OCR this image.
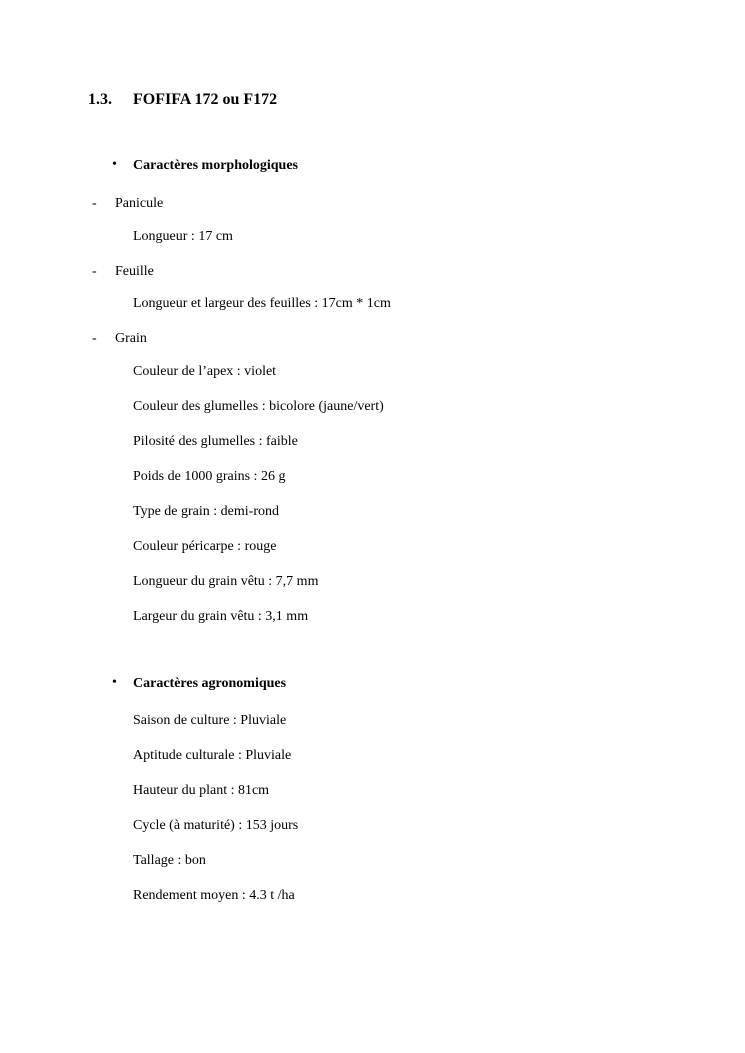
1.3. FOFIFA 172 ou F172
• Caractères morphologiques
- Panicule
Longueur : 17 cm
- Feuille
Longueur et largeur des feuilles : 17cm * 1cm
- Grain
Couleur de l’apex : violet
Couleur des glumelles : bicolore (jaune/vert)
Pilosité des glumelles : faible
Poids de 1000 grains : 26 g
Type de grain : demi-rond
Couleur péricarpe : rouge
Longueur du grain vêtu : 7,7 mm
Largeur du grain vêtu : 3,1 mm
• Caractères agronomiques
Saison de culture : Pluviale
Aptitude culturale : Pluviale
Hauteur du plant : 81cm
Cycle (à maturité) : 153 jours
Tallage : bon
Rendement moyen : 4.3 t /ha
